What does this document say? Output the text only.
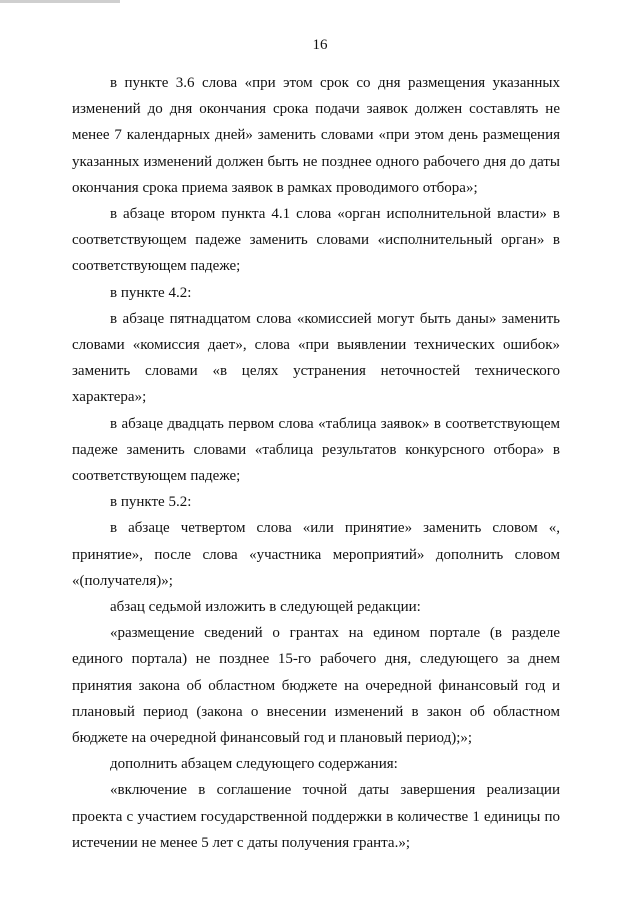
16

в пункте 3.6 слова «при этом срок со дня размещения указанных изменений до дня окончания срока подачи заявок должен составлять не менее 7 календарных дней» заменить словами «при этом день размещения указанных изменений должен быть не позднее одного рабочего дня до даты окончания срока приема заявок в рамках проводимого отбора»;

в абзаце втором пункта 4.1 слова «орган исполнительной власти» в соответствующем падеже заменить словами «исполнительный орган» в соответствующем падеже;

в пункте 4.2:

в абзаце пятнадцатом слова «комиссией могут быть даны» заменить словами «комиссия дает», слова «при выявлении технических ошибок» заменить словами «в целях устранения неточностей технического характера»;

в абзаце двадцать первом слова «таблица заявок» в соответствующем падеже заменить словами «таблица результатов конкурсного отбора» в соответствующем падеже;

в пункте 5.2:

в абзаце четвертом слова «или принятие» заменить словом «, принятие», после слова «участника мероприятий» дополнить словом «(получателя)»;

абзац седьмой изложить в следующей редакции:

«размещение сведений о грантах на едином портале (в разделе единого портала) не позднее 15-го рабочего дня, следующего за днем принятия закона об областном бюджете на очередной финансовый год и плановый период (закона о внесении изменений в закон об областном бюджете на очередной финансовый год и плановый период);»;

дополнить абзацем следующего содержания:

«включение в соглашение точной даты завершения реализации проекта с участием государственной поддержки в количестве 1 единицы по истечении не менее 5 лет с даты получения гранта.»;
